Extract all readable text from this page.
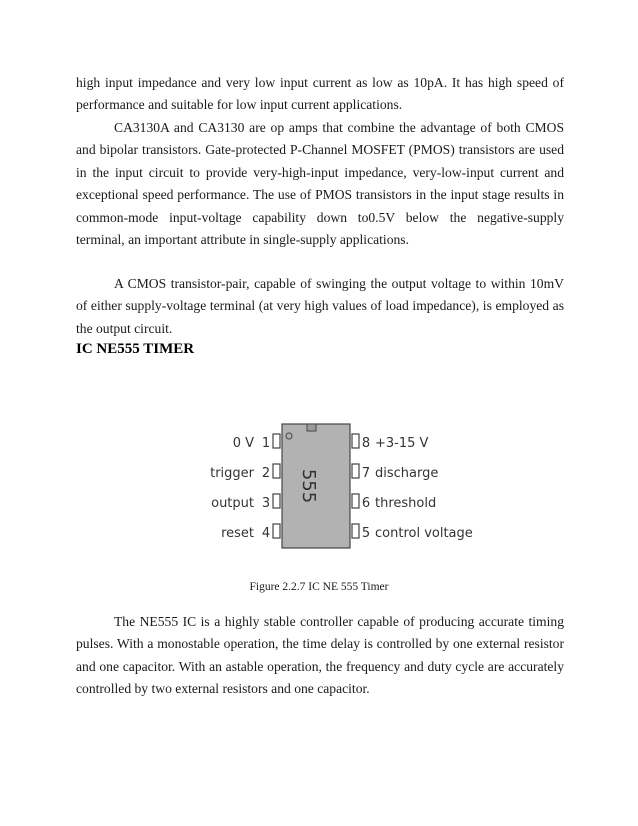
high input impedance and very low input current as low as 10pA. It has high speed of performance and suitable for low input current applications.

CA3130A and CA3130 are op amps that combine the advantage of both CMOS and bipolar transistors. Gate-protected P-Channel MOSFET (PMOS) transistors are used in the input circuit to provide very-high-input impedance, very-low-input current and exceptional speed performance. The use of PMOS transistors in the input stage results in common-mode input-voltage capability down to0.5V below the negative-supply terminal, an important attribute in single-supply applications.

A CMOS transistor-pair, capable of swinging the output voltage to within 10mV of either supply-voltage terminal (at very high values of load impedance), is employed as the output circuit.

IC NE555 TIMER
555
0 V 1
trigger 2
output 3
reset 4
8 +3-15 V
7 discharge
6 threshold
5 control voltage

Figure 2.2.7 IC NE 555 Timer

The NE555 IC is a highly stable controller capable of producing accurate timing pulses. With a monostable operation, the time delay is controlled by one external resistor and one capacitor. With an astable operation, the frequency and duty cycle are accurately controlled by two external resistors and one capacitor.
